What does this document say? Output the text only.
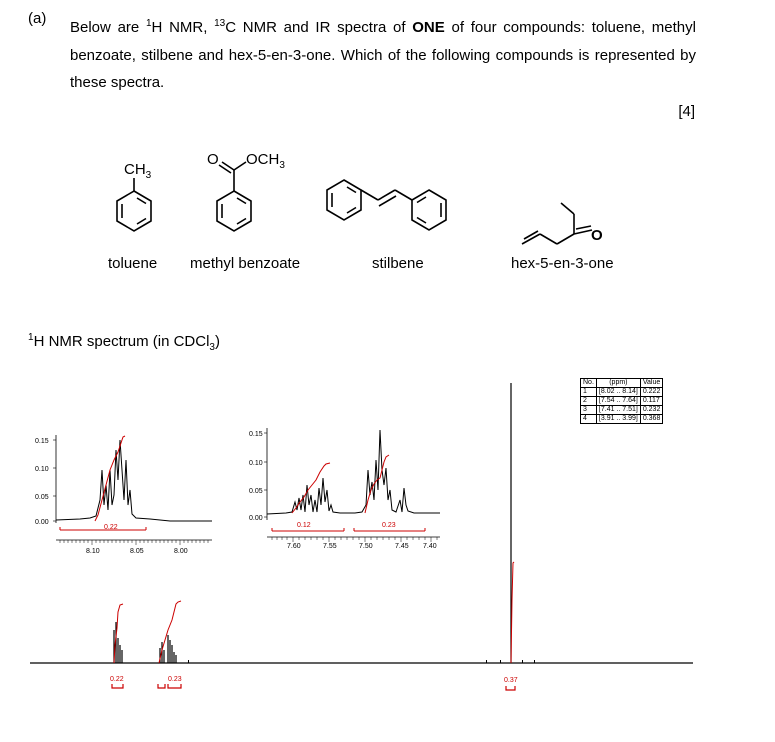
(a)
Below are $^1$H NMR, $^{13}$C NMR and IR spectra of ONE of four compounds: toluene, methyl benzoate, stilbene and hex-5-en-3-one. Which of the following compounds is represented by these spectra.
[4]
$CH_3$
O $OCH_3$
O
toluene methyl benzoate	stilbene	hex-5-en-3-one
$^1$H NMR spectrum (in CDCl$_3$)
0.22	0.23	0.37
0.15
0.10
0.05
0.00
0.22
8.10	8.05	8.00
0.15
0.10
0.05
0.00
0.12	0.23
7.60	7.55	7.50	7.45 7.40
No.	(ppm)	Value
1	[8.02 .. 8.14]	0.222
2	[7.54 .. 7.64]	0.117
3	[7.41 .. 7.51]	0.232
4	[3.91 .. 3.99]	0.368
